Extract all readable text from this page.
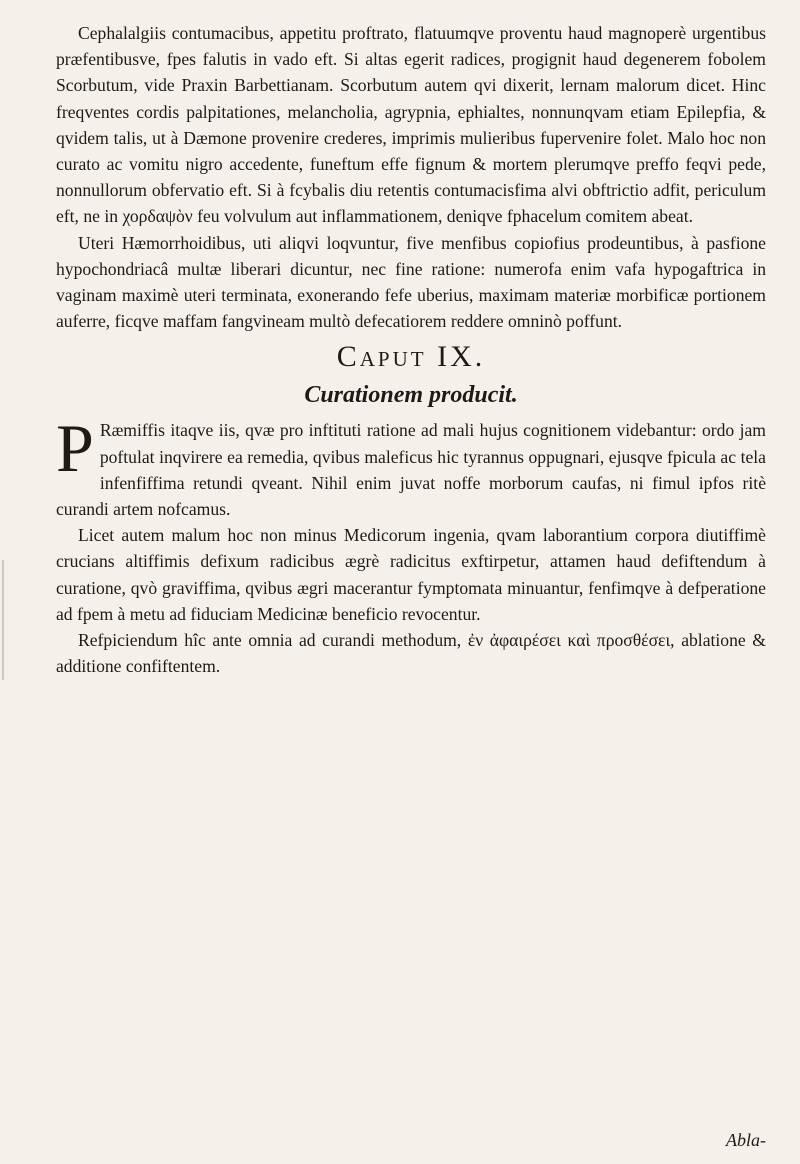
Cephalalgiis contumacibus, appetitu proftrato, flatuumqve proventu haud magnoperè urgentibus præfentibusve, fpes falutis in vado eft. Si altas egerit radices, progignit haud degenerem fobolem Scorbutum, vide Praxin Barbettianam. Scorbutum autem qvi dixerit, lernam malorum dicet. Hinc freqventes cordis palpitationes, melancholia, agrypnia, ephialtes, nonnunqvam etiam Epilepfia, & qvidem talis, ut à Dæmone provenire crederes, imprimis mulieribus fupervenire folet. Malo hoc non curato ac vomitu nigro accedente, funeftum effe fignum & mortem plerumqve preffo feqvi pede, nonnullorum obfervatio eft. Si à fcybalis diu retentis contumacisfima alvi obftrictio adfit, periculum eft, ne in χορδαψὸν feu volvulum aut inflammationem, deniqve fphacelum comitem abeat.

Uteri Hæmorrhoidibus, uti aliqvi loqvuntur, five menfibus copiofius prodeuntibus, à pasfione hypochondriacâ multæ liberari dicuntur, nec fine ratione: numerofa enim vafa hypogaftrica in vaginam maximè uteri terminata, exonerando fefe uberius, maximam materiæ morbificæ portionem auferre, ficqve maffam fangvineam multò defecatiorem reddere omninò poffunt.

Caput IX.
Curationem producit.

P Ræmiffis itaqve iis, qvæ pro inftituti ratione ad mali hujus cognitionem videbantur: ordo jam poftulat inqvirere ea remedia, qvibus maleficus hic tyrannus oppugnari, ejusqve fpicula ac tela infenfiffima retundi qveant. Nihil enim juvat noffe morborum caufas, ni fimul ipfos ritè curandi artem nofcamus.

Licet autem malum hoc non minus Medicorum ingenia, qvam laborantium corpora diutiffimè crucians altiffimis defixum radicibus ægrè radicitus exftirpetur, attamen haud defiftendum à curatione, qvò graviffima, qvibus ægri macerantur fymptomata minuantur, fenfimqve à defperatione ad fpem à metu ad fiduciam Medicinæ beneficio revocentur.

Refpiciendum hîc ante omnia ad curandi methodum, ἐν ἀφαιρέσει καὶ προσθέσει, ablatione & additione confiftentem.

Abla-
